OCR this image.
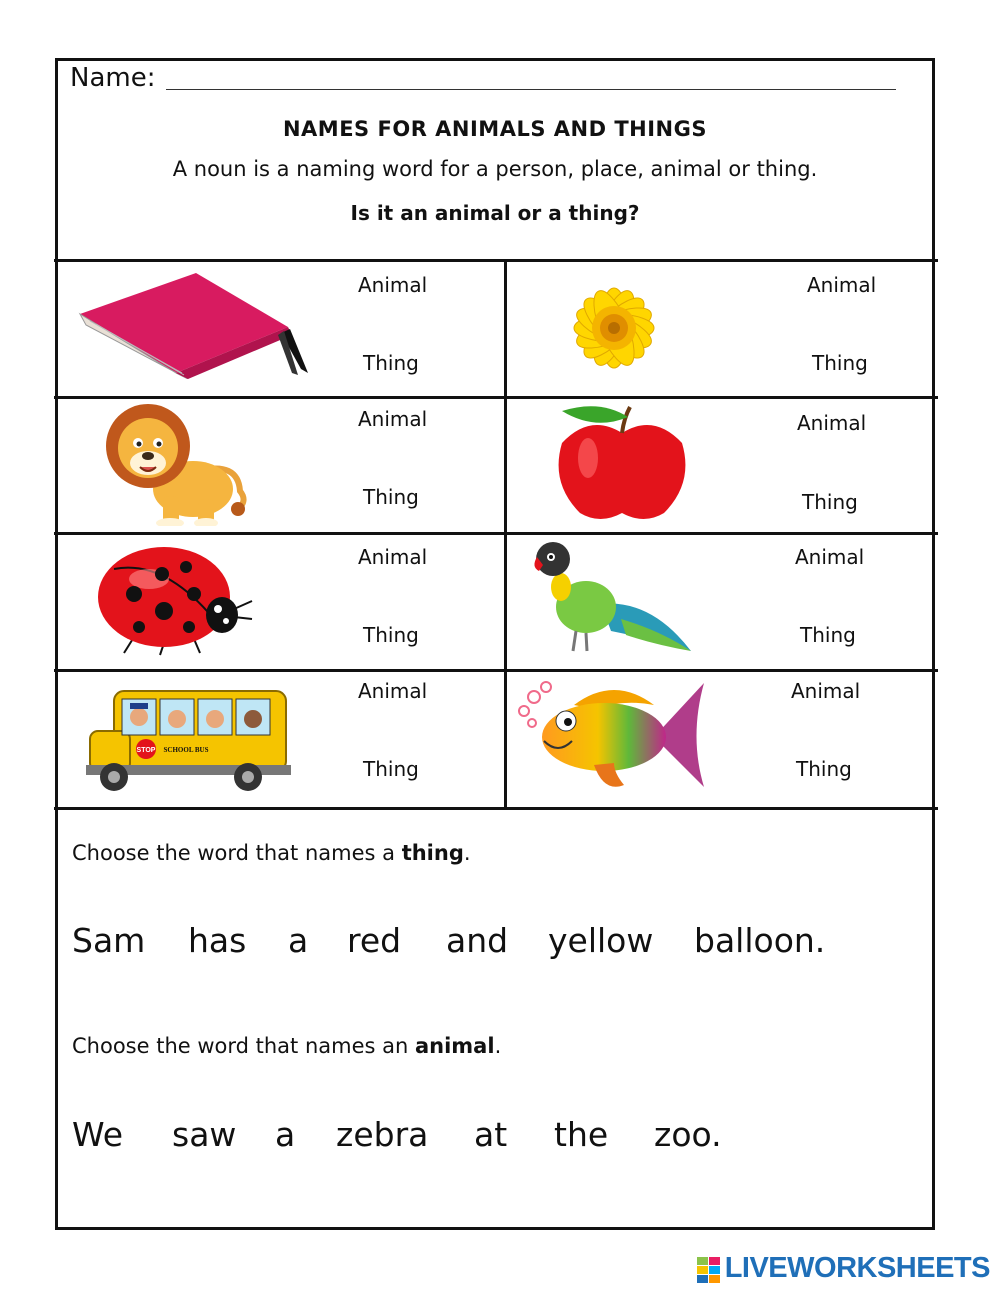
Name:
NAMES FOR ANIMALS AND THINGS
A noun is a naming word for a person, place, animal or thing.
Is it an animal or a thing?
Animal
Thing
Animal
Thing
Animal
Thing
Animal
Thing
Animal
Thing
Animal
Thing
STOP SCHOOL BUS
Animal
Thing
Animal
Thing
Choose the word that names a thing.
Sam has a red and yellow balloon.
Choose the word that names an animal.
We saw a zebra at the zoo.
LIVEWORKSHEETS
